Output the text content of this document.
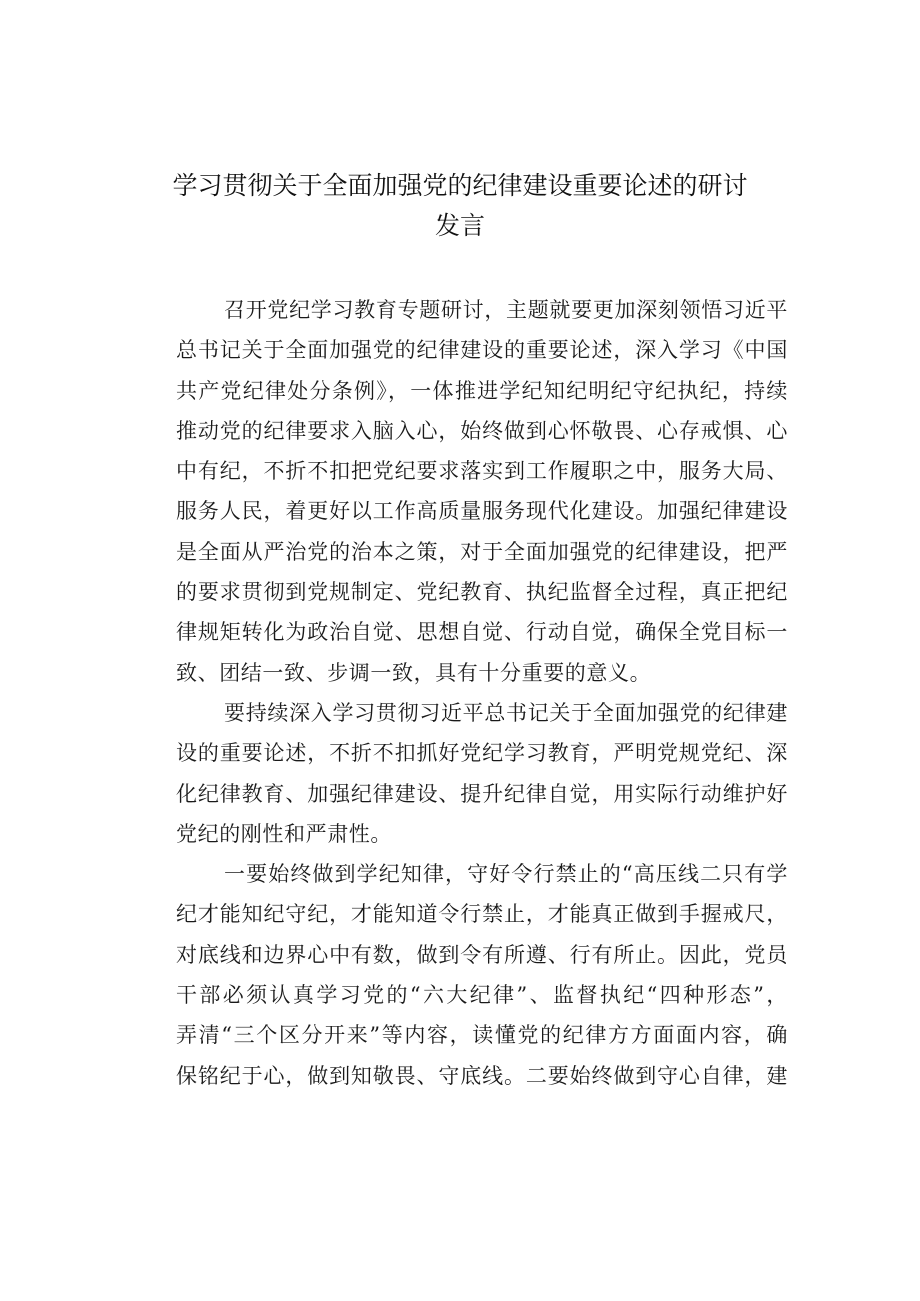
学习贯彻关于全面加强党的纪律建设重要论述的研讨
发言
召开党纪学习教育专题研讨，主题就要更加深刻领悟习近平
总书记关于全面加强党的纪律建设的重要论述，深入学习《中国
共产党纪律处分条例》，一体推进学纪知纪明纪守纪执纪，持续
推动党的纪律要求入脑入心，始终做到心怀敬畏、心存戒惧、心
中有纪，不折不扣把党纪要求落实到工作履职之中，服务大局、
服务人民，着更好以工作高质量服务现代化建设。加强纪律建设
是全面从严治党的治本之策，对于全面加强党的纪律建设，把严
的要求贯彻到党规制定、党纪教育、执纪监督全过程，真正把纪
律规矩转化为政治自觉、思想自觉、行动自觉，确保全党目标一
致、团结一致、步调一致，具有十分重要的意义。
要持续深入学习贯彻习近平总书记关于全面加强党的纪律建
设的重要论述，不折不扣抓好党纪学习教育，严明党规党纪、深
化纪律教育、加强纪律建设、提升纪律自觉，用实际行动维护好
党纪的刚性和严肃性。
一要始终做到学纪知律，守好令行禁止的“高压线二只有学
纪才能知纪守纪，才能知道令行禁止，才能真正做到手握戒尺，
对底线和边界心中有数，做到令有所遵、行有所止。因此，党员
干部必须认真学习党的“六大纪律”、监督执纪“四种形态”，
弄清“三个区分开来”等内容，读懂党的纪律方方面面内容，确
保铭纪于心，做到知敬畏、守底线。二要始终做到守心自律，建
